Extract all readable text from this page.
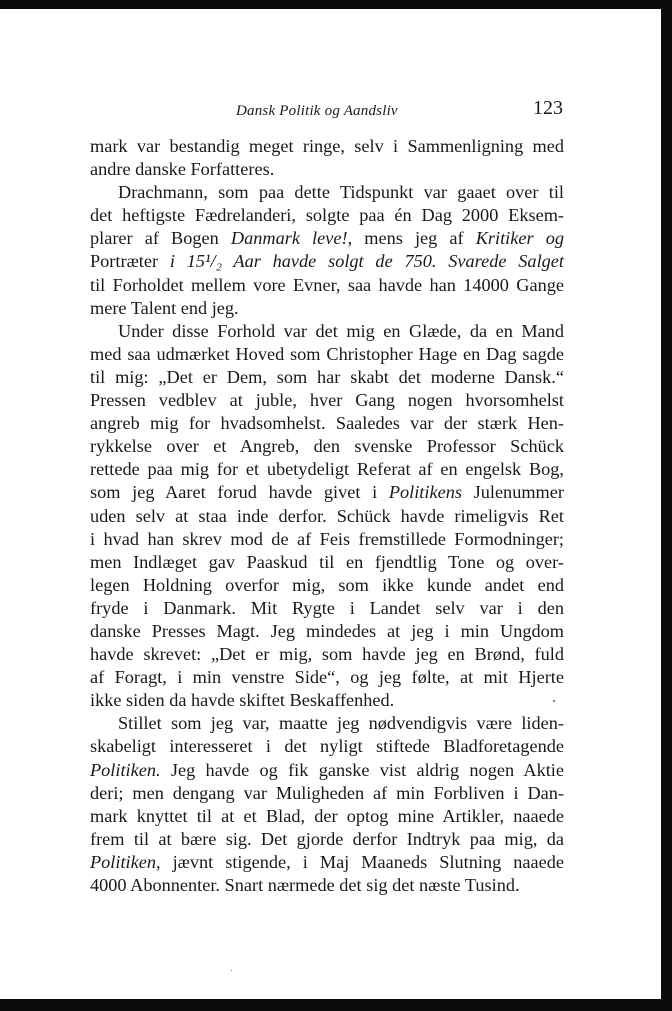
Dansk Politik og Aandsliv	123
mark var bestandig meget ringe, selv i Sammenligning med
andre danske Forfatteres.
Drachmann, som paa dette Tidspunkt var gaaet over til
det heftigste Fædrelanderi, solgte paa én Dag 2000 Eksem-
plarer af Bogen Danmark leve!, mens jeg af Kritiker og
Portræter i 15¹/₂ Aar havde solgt de 750. Svarede Salget
til Forholdet mellem vore Evner, saa havde han 14000 Gange
mere Talent end jeg.
Under disse Forhold var det mig en Glæde, da en Mand
med saa udmærket Hoved som Christopher Hage en Dag sagde
til mig: „Det er Dem, som har skabt det moderne Dansk.“
Pressen vedblev at juble, hver Gang nogen hvorsomhelst
angreb mig for hvadsomhelst. Saaledes var der stærk Hen-
rykkelse over et Angreb, den svenske Professor Schück
rettede paa mig for et ubetydeligt Referat af en engelsk Bog,
som jeg Aaret forud havde givet i Politikens Julenummer
uden selv at staa inde derfor. Schück havde rimeligvis Ret
i hvad han skrev mod de af Feis fremstillede Formodninger;
men Indlæget gav Paaskud til en fjendtlig Tone og over-
legen Holdning overfor mig, som ikke kunde andet end
fryde i Danmark. Mit Rygte i Landet selv var i den
danske Presses Magt. Jeg mindedes at jeg i min Ungdom
havde skrevet: „Det er mig, som havde jeg en Brønd, fuld
af Foragt, i min venstre Side“, og jeg følte, at mit Hjerte
ikke siden da havde skiftet Beskaffenhed.
Stillet som jeg var, maatte jeg nødvendigvis være liden-
skabeligt interesseret i det nyligt stiftede Bladforetagende
Politiken. Jeg havde og fik ganske vist aldrig nogen Aktie
deri; men dengang var Muligheden af min Forbliven i Dan-
mark knyttet til at et Blad, der optog mine Artikler, naaede
frem til at bære sig. Det gjorde derfor Indtryk paa mig, da
Politiken, jævnt stigende, i Maj Maaneds Slutning naaede
4000 Abonnenter. Snart nærmede det sig det næste Tusind.
